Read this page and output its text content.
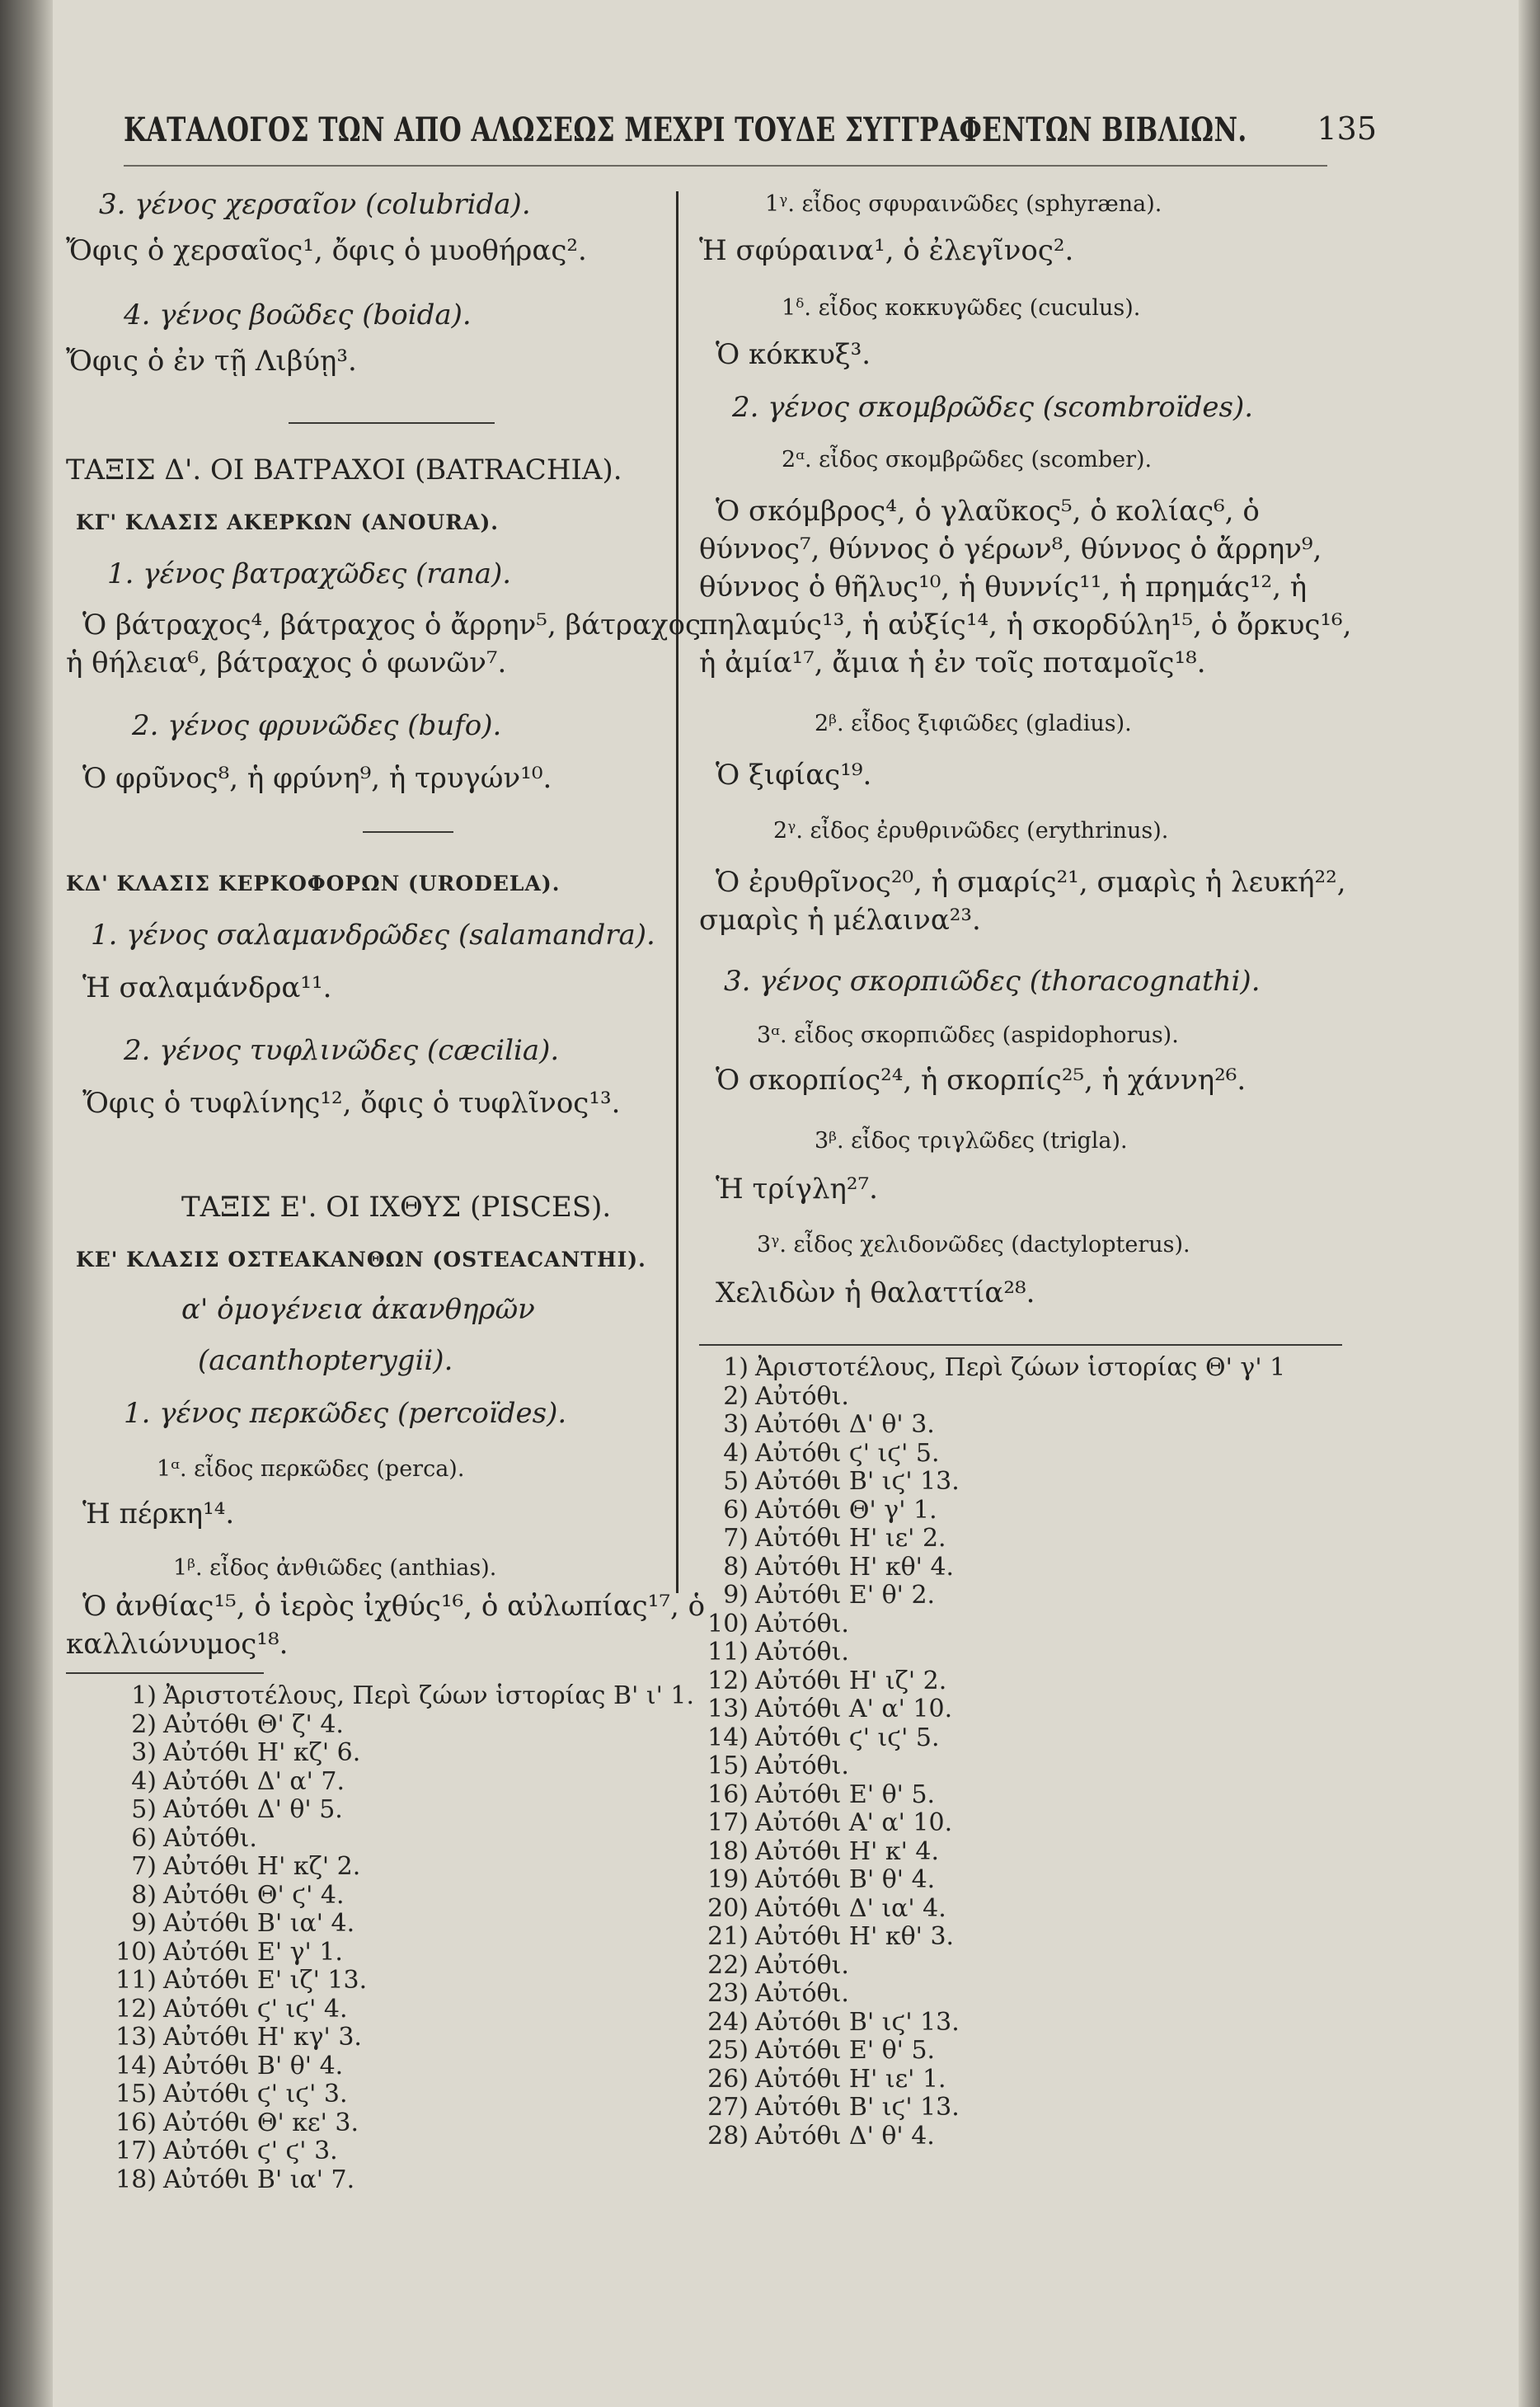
ΚΑΤΑΛΟΓΟΣ ΤΩΝ ΑΠΟ ΑΛΩΣΕΩΣ ΜΕΧΡΙ ΤΟΥΔΕ ΣΥΓΓΡΑΦΕΝΤΩΝ ΒΙΒΛΙΩΝ. 135
3. γένος χερσαῖον (colubrida).
Ὄφις ὁ χερσαῖος¹, ὄφις ὁ μυοθήρας².
4. γένος βοῶδες (boida).
Ὄφις ὁ ἐν τῇ Λιβύῃ³.
ΤΑΞΙΣ Δ'. ΟΙ ΒΑΤΡΑΧΟΙ (BATRACHIA).
ΚΓ' ΚΛΑΣΙΣ ΑΚΕΡΚΩΝ (ANOURA).
1. γένος βατραχῶδες (rana).
Ὁ βάτραχος⁴, βάτραχος ὁ ἄρρην⁵, βάτραχος
ἡ θήλεια⁶, βάτραχος ὁ φωνῶν⁷.
2. γένος φρυνῶδες (bufo).
Ὁ φρῦνος⁸, ἡ φρύνη⁹, ἡ τρυγών¹⁰.
ΚΔ' ΚΛΑΣΙΣ ΚΕΡΚΟΦΟΡΩΝ (URODELA).
1. γένος σαλαμανδρῶδες (salamandra).
Ἡ σαλαμάνδρα¹¹.
2. γένος τυφλινῶδες (cæcilia).
Ὄφις ὁ τυφλίνης¹², ὄφις ὁ τυφλῖνος¹³.
ΤΑΞΙΣ Ε'. ΟΙ ΙΧΘΥΣ (PISCES).
ΚΕ' ΚΛΑΣΙΣ ΟΣΤΕΑΚΑΝΘΩΝ (OSTEACANTHI).
α' ὁμογένεια ἀκανθηρῶν
(acanthopterygii).
1. γένος περκῶδες (percoïdes).
1ᵅ. εἶδος περκῶδες (perca).
Ἡ πέρκη¹⁴.
1ᵝ. εἶδος ἀνθιῶδες (anthias).
Ὁ ἀνθίας¹⁵, ὁ ἱερὸς ἰχθύς¹⁶, ὁ αὐλωπίας¹⁷, ὁ
καλλιώνυμος¹⁸.
1) Ἀριστοτέλους, Περὶ ζώων ἱστορίας Β' ι' 1.
2) Αὐτόθι Θ' ζ' 4.
3) Αὐτόθι Η' κζ' 6.
4) Αὐτόθι Δ' α' 7.
5) Αὐτόθι Δ' θ' 5.
6) Αὐτόθι.
7) Αὐτόθι Η' κζ' 2.
8) Αὐτόθι Θ' ϛ' 4.
9) Αὐτόθι Β' ια' 4.
10) Αὐτόθι Ε' γ' 1.
11) Αὐτόθι Ε' ιζ' 13.
12) Αὐτόθι ϛ' ιϛ' 4.
13) Αὐτόθι Η' κγ' 3.
14) Αὐτόθι Β' θ' 4.
15) Αὐτόθι ϛ' ιϛ' 3.
16) Αὐτόθι Θ' κε' 3.
17) Αὐτόθι ϛ' ϛ' 3.
18) Αὐτόθι Β' ια' 7.
1ᵞ. εἶδος σφυραινῶδες (sphyræna).
Ἡ σφύραινα¹, ὁ ἐλεγῖνος².
1ᵟ. εἶδος κοκκυγῶδες (cuculus).
Ὁ κόκκυξ³.
2. γένος σκομβρῶδες (scombroïdes).
2ᵅ. εἶδος σκομβρῶδες (scomber).
Ὁ σκόμβρος⁴, ὁ γλαῦκος⁵, ὁ κολίας⁶, ὁ
θύννος⁷, θύννος ὁ γέρων⁸, θύννος ὁ ἄρρην⁹,
θύννος ὁ θῆλυς¹⁰, ἡ θυννίς¹¹, ἡ πρημάς¹², ἡ
πηλαμύς¹³, ἡ αὐξίς¹⁴, ἡ σκορδύλη¹⁵, ὁ ὄρκυς¹⁶,
ἡ ἀμία¹⁷, ἄμια ἡ ἐν τοῖς ποταμοῖς¹⁸.
2ᵝ. εἶδος ξιφιῶδες (gladius).
Ὁ ξιφίας¹⁹.
2ᵞ. εἶδος ἐρυθρινῶδες (erythrinus).
Ὁ ἐρυθρῖνος²⁰, ἡ σμαρίς²¹, σμαρὶς ἡ λευκή²²,
σμαρὶς ἡ μέλαινα²³.
3. γένος σκορπιῶδες (thoracognathi).
3ᵅ. εἶδος σκορπιῶδες (aspidophorus).
Ὁ σκορπίος²⁴, ἡ σκορπίς²⁵, ἡ χάννη²⁶.
3ᵝ. εἶδος τριγλῶδες (trigla).
Ἡ τρίγλη²⁷.
3ᵞ. εἶδος χελιδονῶδες (dactylopterus).
Χελιδὼν ἡ θαλαττία²⁸.
1) Ἀριστοτέλους, Περὶ ζώων ἱστορίας Θ' γ' 1
2) Αὐτόθι.
3) Αὐτόθι Δ' θ' 3.
4) Αὐτόθι ϛ' ιϛ' 5.
5) Αὐτόθι Β' ιϛ' 13.
6) Αὐτόθι Θ' γ' 1.
7) Αὐτόθι Η' ιε' 2.
8) Αὐτόθι Η' κθ' 4.
9) Αὐτόθι Ε' θ' 2.
10) Αὐτόθι.
11) Αὐτόθι.
12) Αὐτόθι Η' ιζ' 2.
13) Αὐτόθι Α' α' 10.
14) Αὐτόθι ϛ' ιϛ' 5.
15) Αὐτόθι.
16) Αὐτόθι Ε' θ' 5.
17) Αὐτόθι Α' α' 10.
18) Αὐτόθι Η' κ' 4.
19) Αὐτόθι Β' θ' 4.
20) Αὐτόθι Δ' ια' 4.
21) Αὐτόθι Η' κθ' 3.
22) Αὐτόθι.
23) Αὐτόθι.
24) Αὐτόθι Β' ιϛ' 13.
25) Αὐτόθι Ε' θ' 5.
26) Αὐτόθι Η' ιε' 1.
27) Αὐτόθι Β' ιϛ' 13.
28) Αὐτόθι Δ' θ' 4.
